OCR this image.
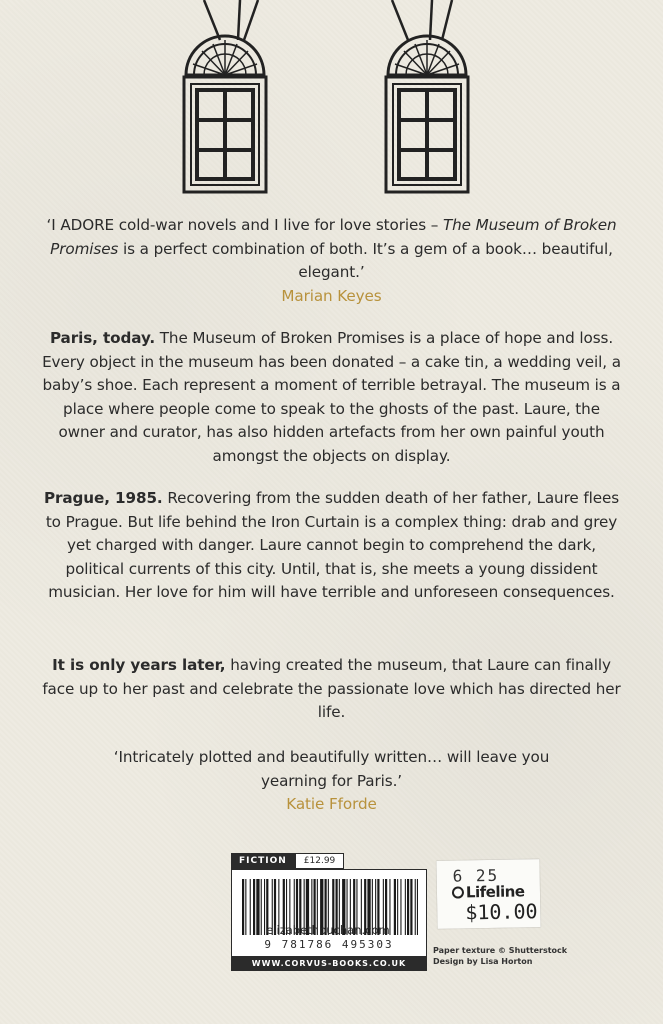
‘I ADORE cold-war novels and I live for love stories – The Museum of Broken Promises is a perfect combination of both. It’s a gem of a book… beautiful, elegant.’
Marian Keyes
Paris, today. The Museum of Broken Promises is a place of hope and loss. Every object in the museum has been donated – a cake tin, a wedding veil, a baby’s shoe. Each represent a moment of terrible betrayal. The museum is a place where people come to speak to the ghosts of the past. Laure, the owner and curator, has also hidden artefacts from her own painful youth amongst the objects on display.
Prague, 1985. Recovering from the sudden death of her father, Laure flees to Prague. But life behind the Iron Curtain is a complex thing: drab and grey yet charged with danger. Laure cannot begin to comprehend the dark, political currents of this city. Until, that is, she meets a young dissident musician. Her love for him will have terrible and unforeseen consequences.
It is only years later, having created the museum, that Laure can finally face up to her past and celebrate the passionate love which has directed her life.
‘Intricately plotted and beautifully written… will leave you yearning for Paris.’
Katie Fforde
FICTION	£12.99
9 781786 495303
WWW.CORVUS-BOOKS.CO.UK
elizabethbuchan.com
6 25
Lifeline
$10.00
Paper texture © Shutterstock
Design by Lisa Horton
